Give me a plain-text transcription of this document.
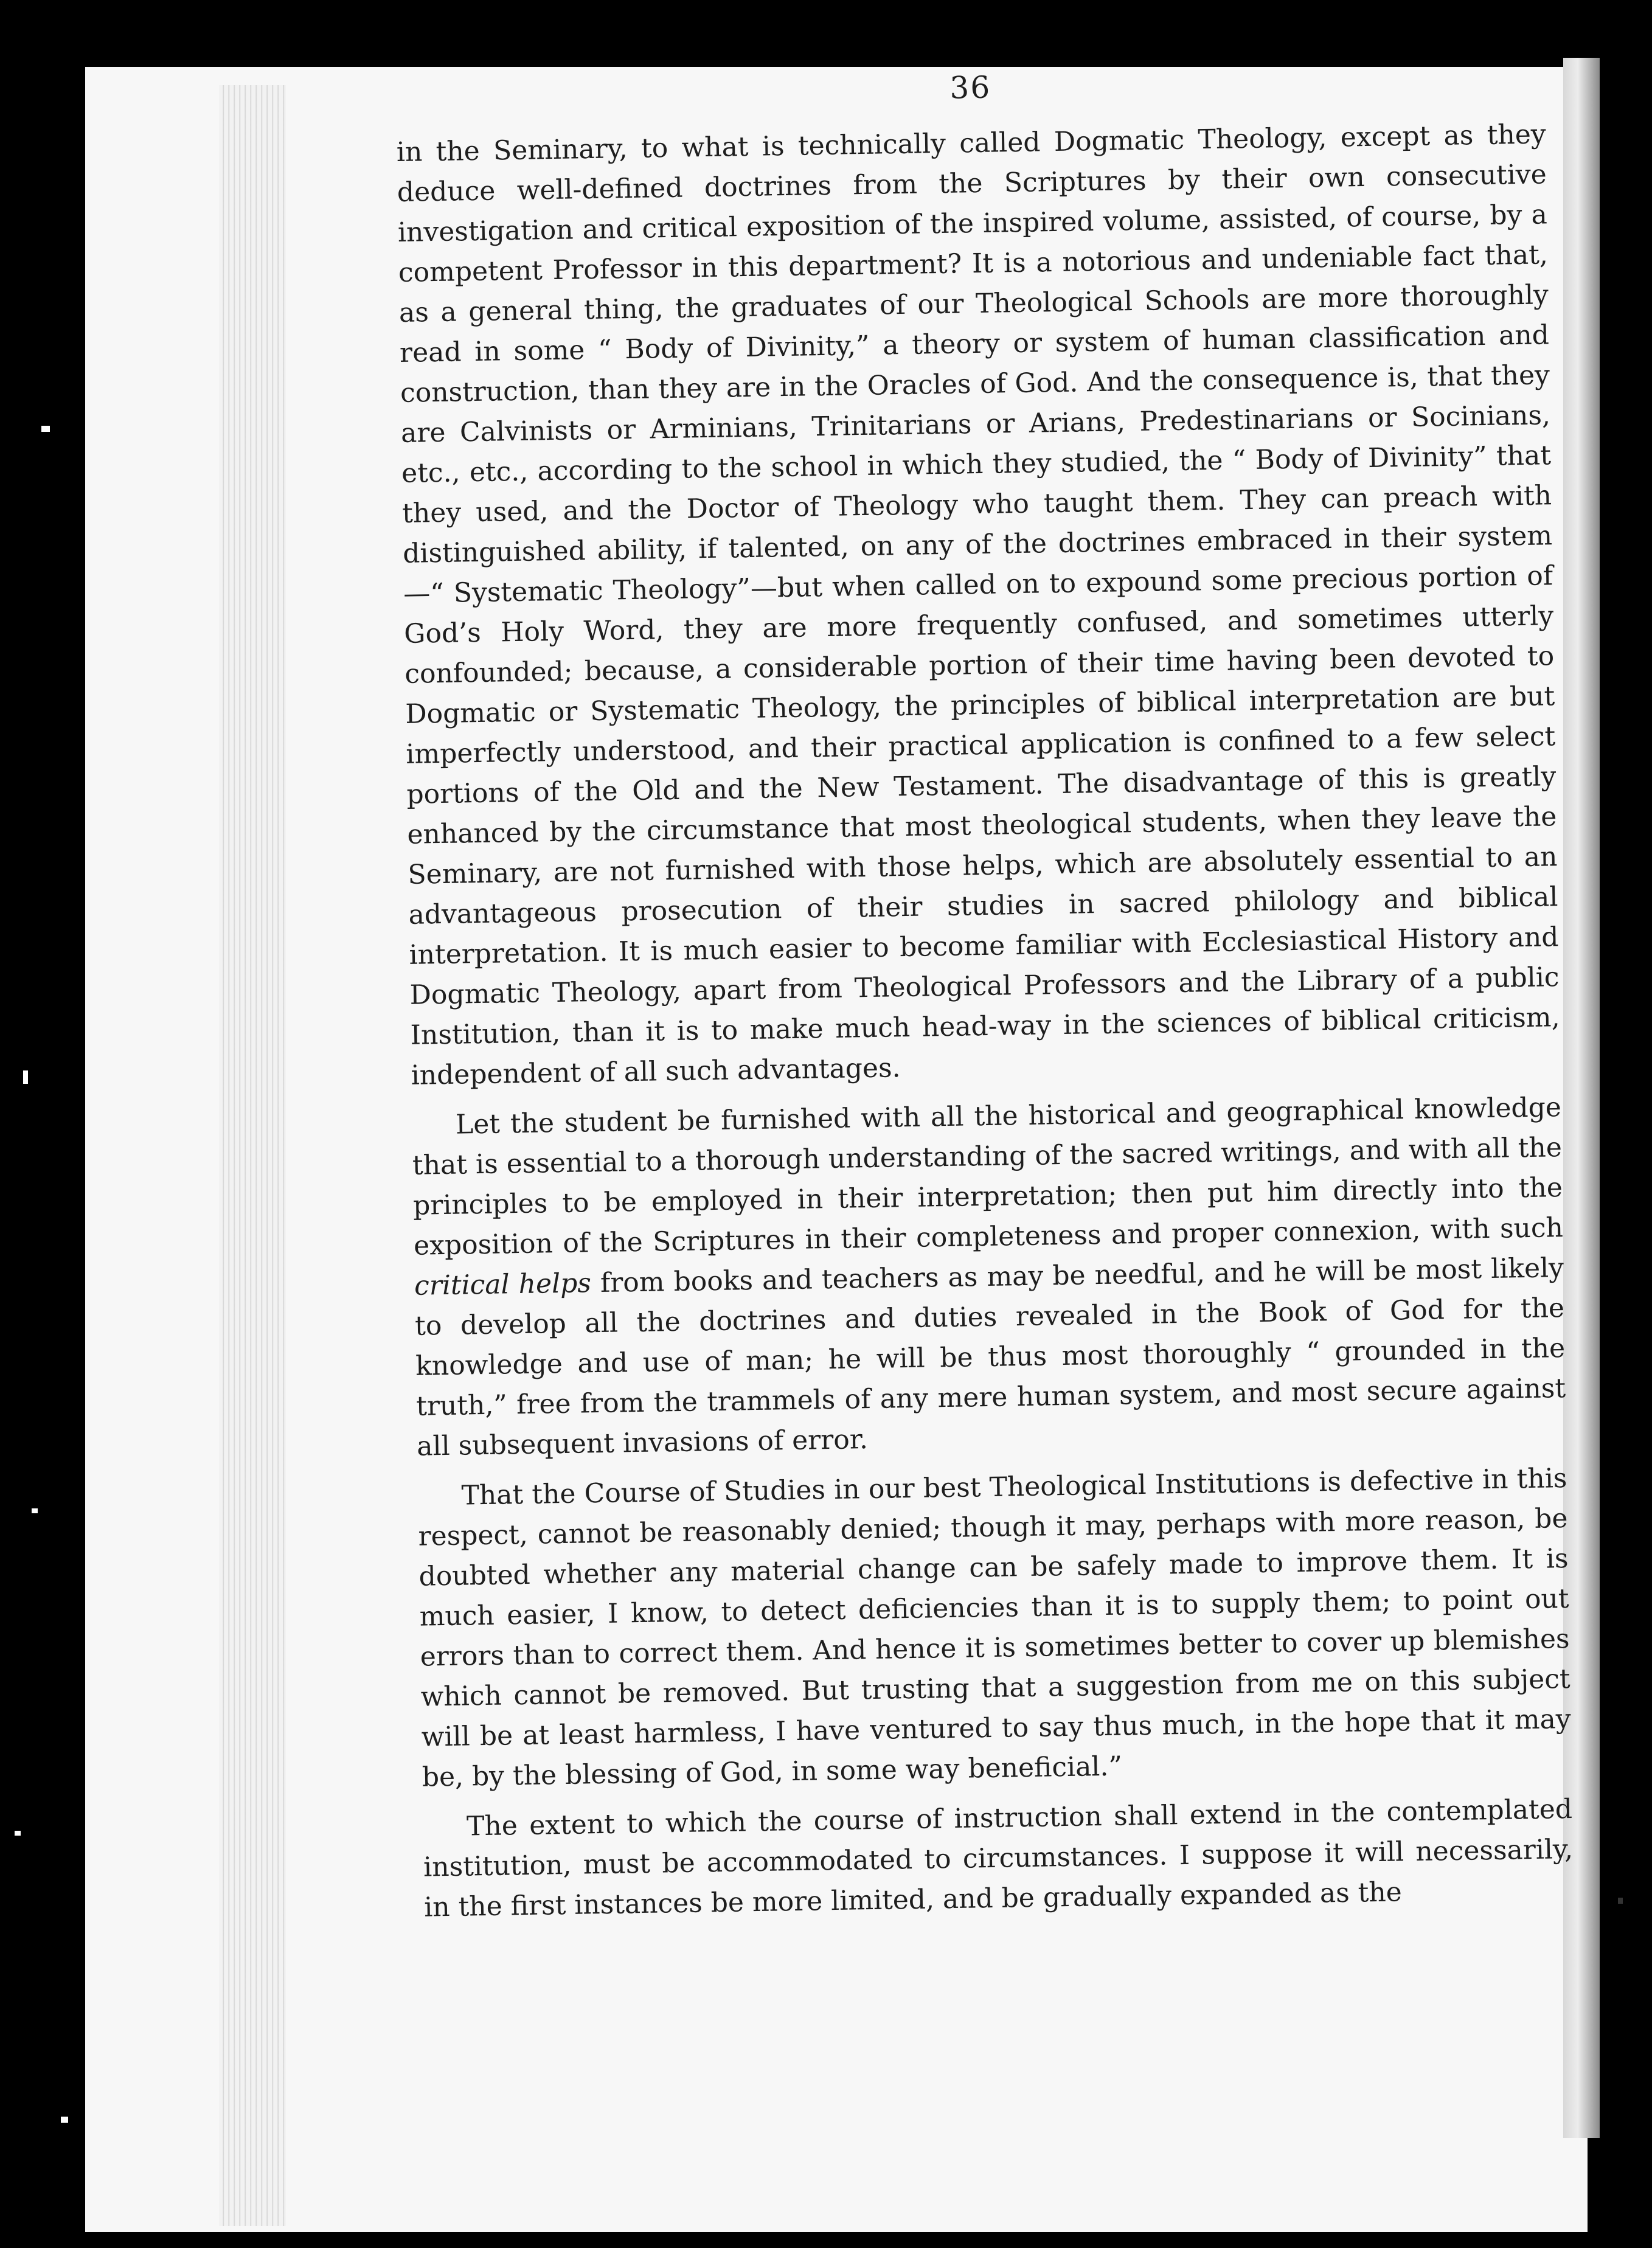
36

in the Seminary, to what is technically called Dogmatic Theology, except as they deduce well-defined doctrines from the Scriptures by their own consecutive investigation and critical exposition of the inspired volume, assisted, of course, by a competent Professor in this department? It is a notorious and undeniable fact that, as a general thing, the graduates of our Theological Schools are more thoroughly read in some “ Body of Divinity,” a theory or system of human classification and construction, than they are in the Oracles of God. And the consequence is, that they are Calvinists or Arminians, Trinitarians or Arians, Predestinarians or Socinians, etc., etc., according to the school in which they studied, the “ Body of Divinity” that they used, and the Doctor of Theology who taught them. They can preach with distinguished ability, if talented, on any of the doctrines embraced in their system—“ Systematic Theology”—but when called on to expound some precious portion of God’s Holy Word, they are more frequently confused, and sometimes utterly confounded; because, a considerable portion of their time having been devoted to Dogmatic or Systematic Theology, the principles of biblical interpretation are but imperfectly understood, and their practical application is confined to a few select portions of the Old and the New Testament. The disadvantage of this is greatly enhanced by the circumstance that most theological students, when they leave the Seminary, are not furnished with those helps, which are absolutely essential to an advantageous prosecution of their studies in sacred philology and biblical interpretation. It is much easier to become familiar with Ecclesiastical History and Dogmatic Theology, apart from Theological Professors and the Library of a public Institution, than it is to make much head-way in the sciences of biblical criticism, independent of all such advantages.

Let the student be furnished with all the historical and geographical knowledge that is essential to a thorough understanding of the sacred writings, and with all the principles to be employed in their interpretation; then put him directly into the exposition of the Scriptures in their completeness and proper connexion, with such critical helps from books and teachers as may be needful, and he will be most likely to develop all the doctrines and duties revealed in the Book of God for the knowledge and use of man; he will be thus most thoroughly “ grounded in the truth,” free from the trammels of any mere human system, and most secure against all subsequent invasions of error.

That the Course of Studies in our best Theological Institutions is defective in this respect, cannot be reasonably denied; though it may, perhaps with more reason, be doubted whether any material change can be safely made to improve them. It is much easier, I know, to detect deficiencies than it is to supply them; to point out errors than to correct them. And hence it is sometimes better to cover up blemishes which cannot be removed. But trusting that a suggestion from me on this subject will be at least harmless, I have ventured to say thus much, in the hope that it may be, by the blessing of God, in some way beneficial.”

The extent to which the course of instruction shall extend in the contemplated institution, must be accommodated to circumstances. I suppose it will necessarily, in the first instances be more limited, and be gradually expanded as the
